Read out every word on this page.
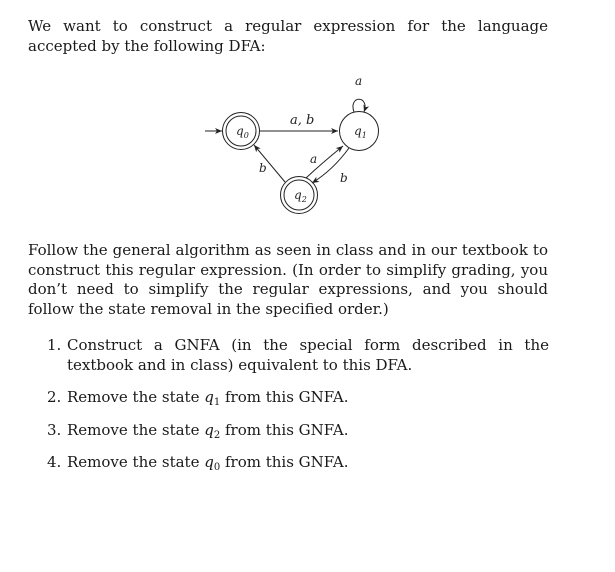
We want to construct a regular expression for the language accepted by the following DFA:

$q_0$	$q_1$
$q_2$
a, b
a
a
b
b

Follow the general algorithm as seen in class and in our textbook to construct this regular expression. (In order to simplify grading, you don’t need to simplify the regular expressions, and you should follow the state removal in the specified order.)

1. Construct a GNFA (in the special form described in the textbook and in class) equivalent to this DFA.
2. Remove the state $q_1$ from this GNFA.
3. Remove the state $q_2$ from this GNFA.
4. Remove the state $q_0$ from this GNFA.
